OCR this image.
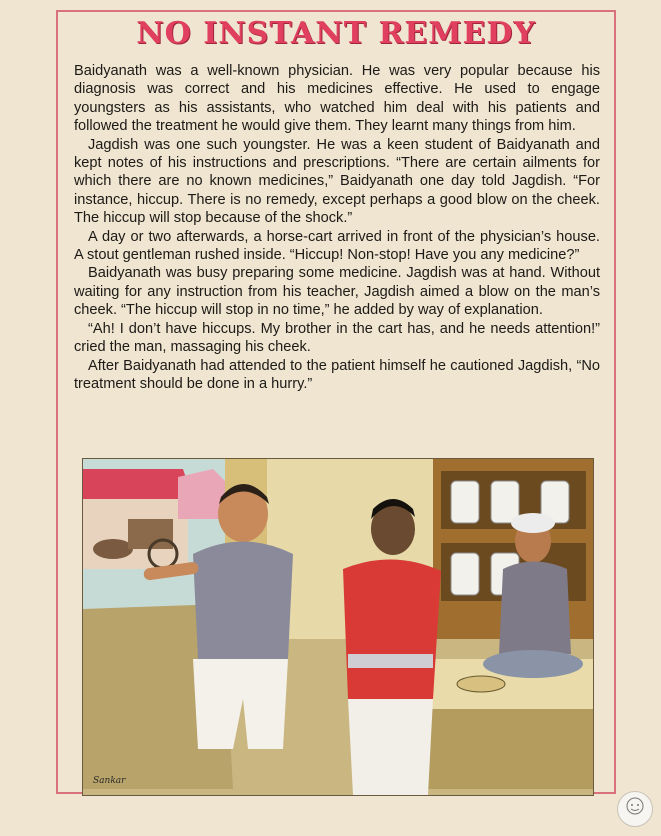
NO INSTANT REMEDY

Baidyanath was a well-known physician. He was very popular because his diagnosis was correct and his medicines effective. He used to engage youngsters as his assistants, who watched him deal with his patients and followed the treatment he would give them. They learnt many things from him.

Jagdish was one such youngster. He was a keen student of Baidyanath and kept notes of his instructions and prescriptions. “There are certain ailments for which there are no known medicines,” Baidyanath one day told Jagdish. “For instance, hiccup. There is no remedy, except perhaps a good blow on the cheek. The hiccup will stop because of the shock.”

A day or two afterwards, a horse-cart arrived in front of the physician’s house. A stout gentleman rushed inside. “Hiccup! Non-stop! Have you any medicine?”

Baidyanath was busy preparing some medicine. Jagdish was at hand. Without waiting for any instruction from his teacher, Jagdish aimed a blow on the man’s cheek. “The hiccup will stop in no time,” he added by way of explanation.

“Ah! I don’t have hiccups. My brother in the cart has, and he needs attention!” cried the man, massaging his cheek.

After Baidyanath had attended to the patient himself he cautioned Jagdish, “No treatment should be done in a hurry.”

Sankar
